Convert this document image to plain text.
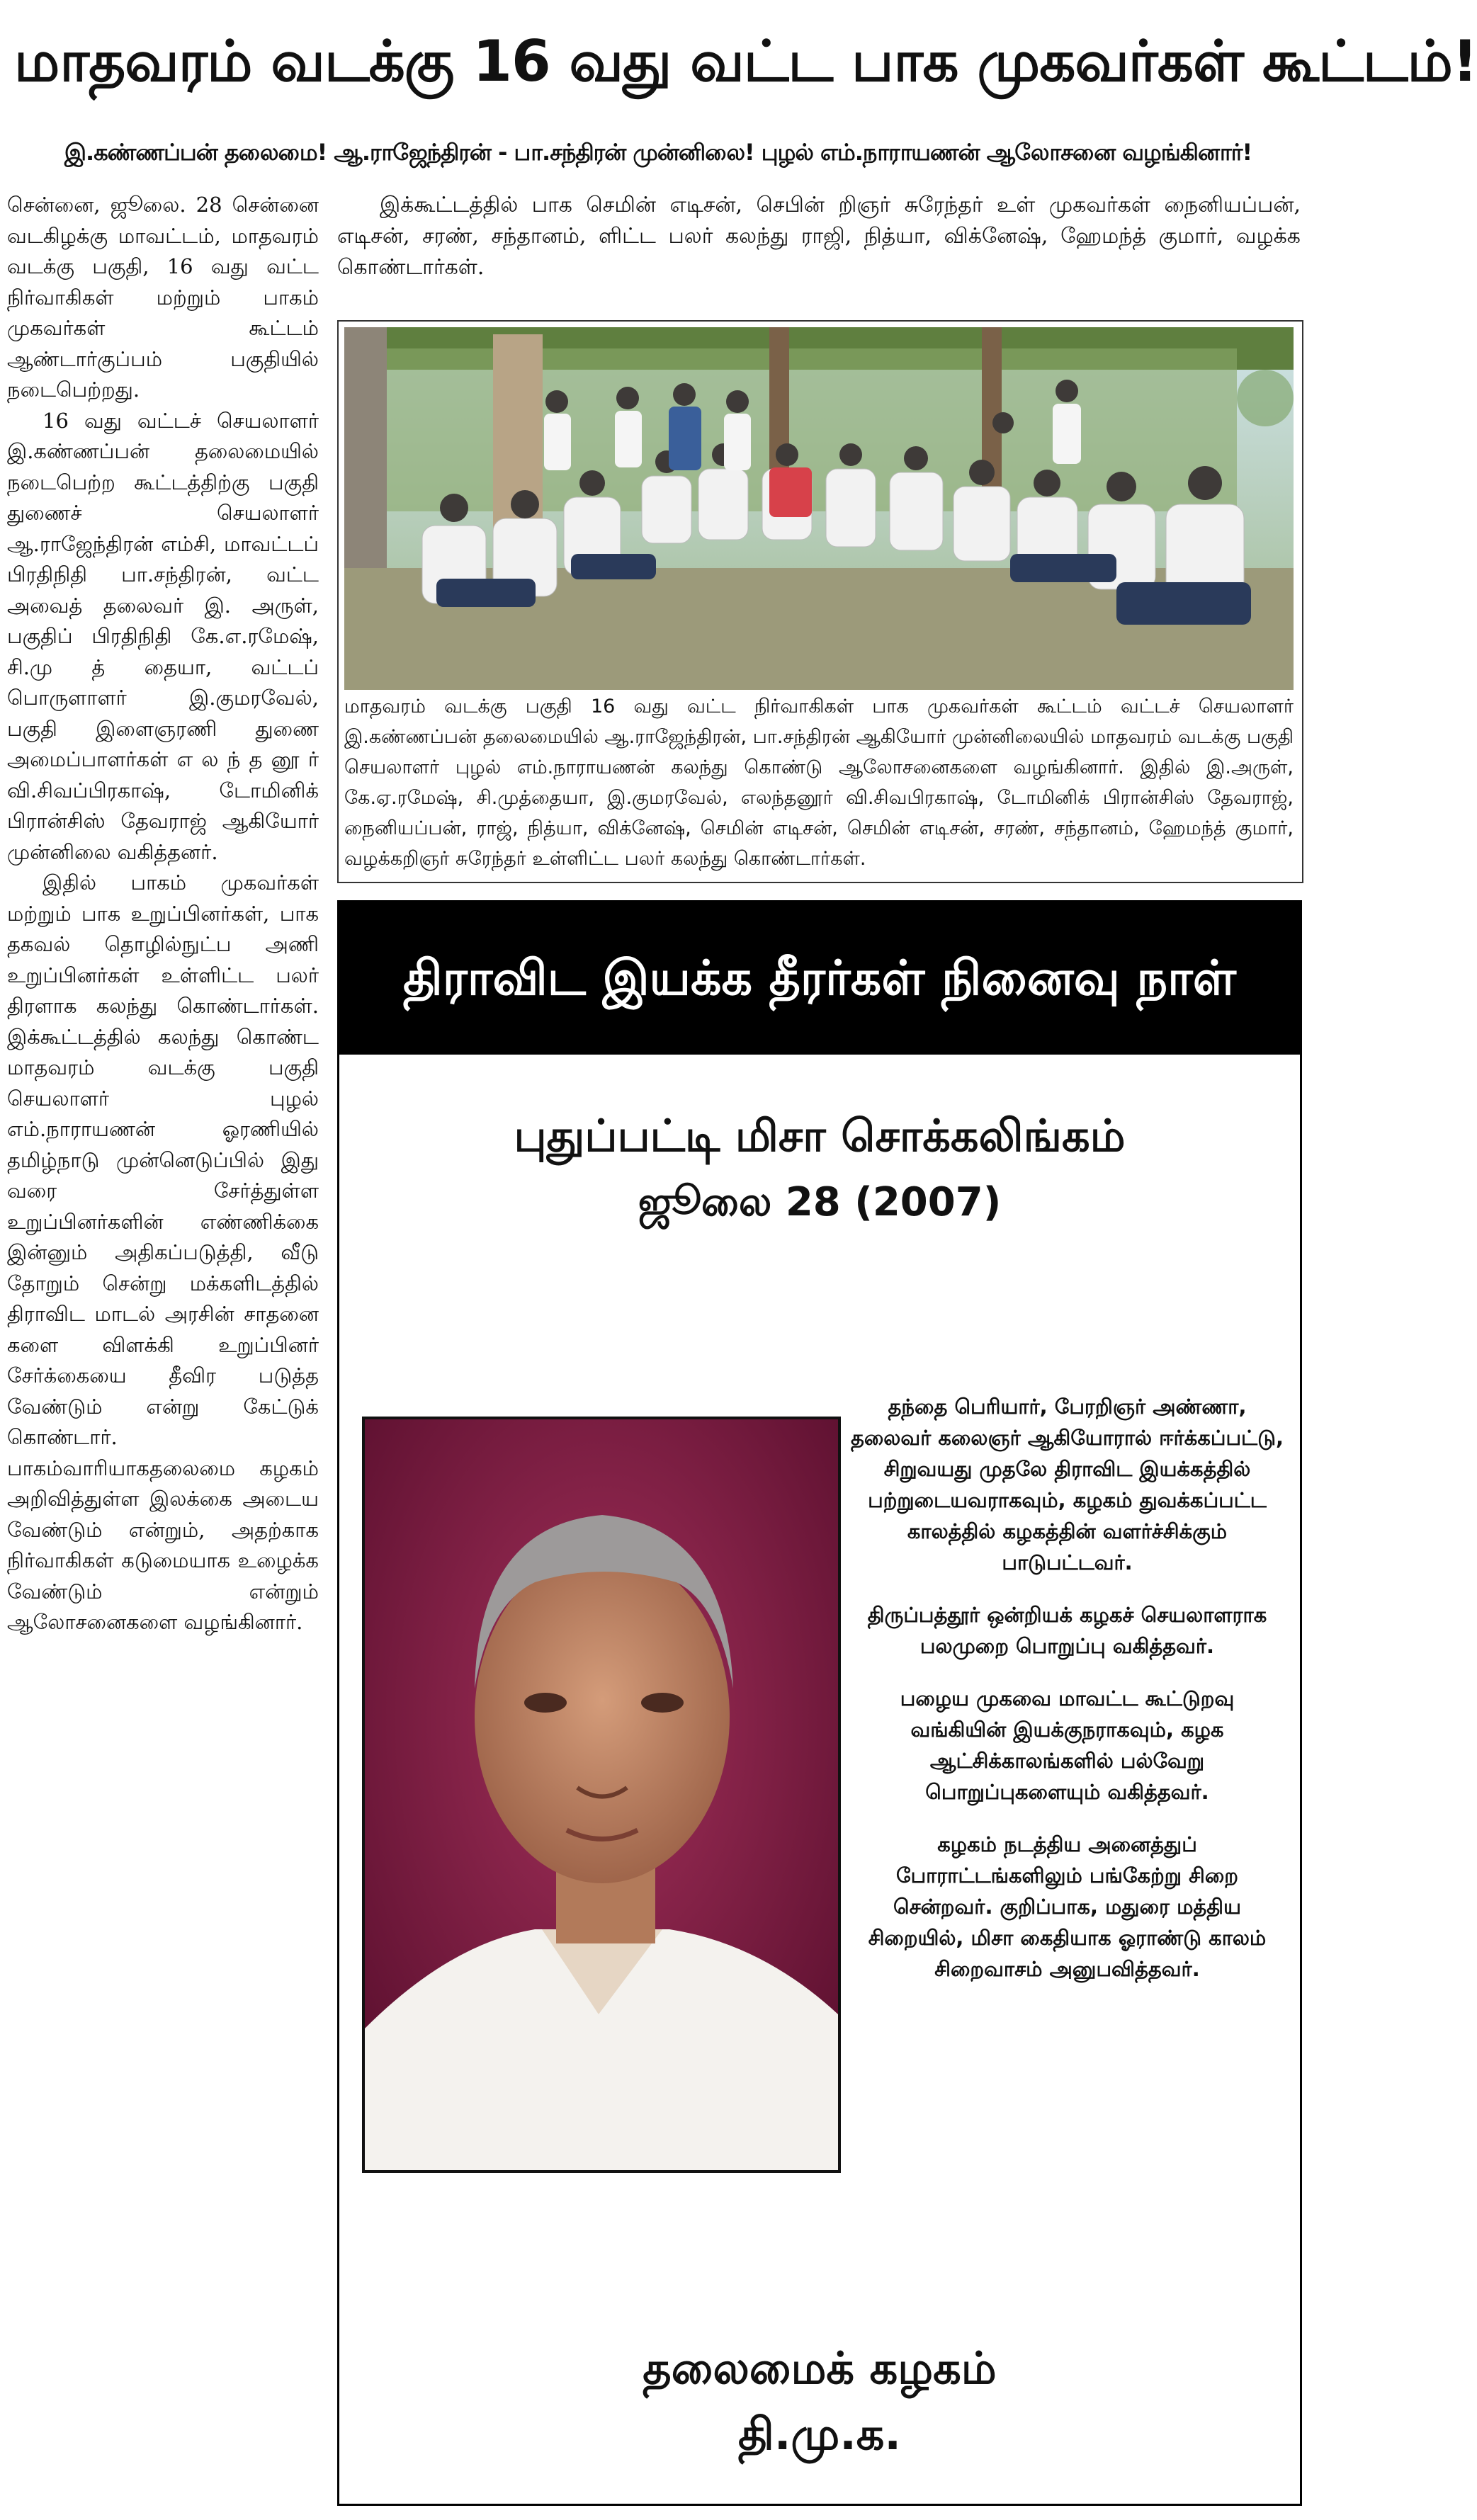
மாதவரம் வடக்கு 16 வது வட்ட பாக முகவர்கள் கூட்டம்!
இ.கண்ணப்பன் தலைமை! ஆ.ராஜேந்திரன் - பா.சந்திரன் முன்னிலை! புழல் எம்.நாராயணன் ஆலோசனை வழங்கினார்!

சென்னை, ஜூலை. 28 சென்னை வடகிழக்கு மாவட்டம், மாதவரம் வடக்கு பகுதி, 16 வது வட்ட நிர்வாகிகள் மற்றும் பாகம் முகவர்கள் கூட்டம் ஆண்டார்குப்பம் பகுதியில் நடைபெற்றது.

16 வது வட்டச் செயலாளர் இ.கண்ணப்பன் தலைமையில் நடைபெற்ற கூட்டத்திற்கு பகுதி துணைச் செயலாளர் ஆ.ராஜேந்திரன் எம்சி, மாவட்டப் பிரதிநிதி பா.சந்திரன், வட்ட அவைத் தலைவர் இ. அருள், பகுதிப் பிரதிநிதி கே.எ.ரமேஷ், சி.மு த் தையா, வட்டப் பொருளாளர் இ.குமரவேல், பகுதி இளைஞரணி துணை அமைப்பாளர்கள் எ ல ந் த னூ ர் வி.சிவப்பிரகாஷ், டோமினிக் பிரான்சிஸ் தேவராஜ் ஆகியோர் முன்னிலை வகித்தனர்.

இதில் பாகம் முகவர்கள் மற்றும் பாக உறுப்பினர்கள், பாக தகவல் தொழில்நுட்ப அணி உறுப்பினர்கள் உள்ளிட்ட பலர் திரளாக கலந்து கொண்டார்கள். இக்கூட்டத்தில் கலந்து கொண்ட மாதவரம் வடக்கு பகுதி செயலாளர் புழல் எம்.நாராயணன் ஓரணியில் தமிழ்நாடு முன்னெடுப்பில் இது வரை சேர்த்துள்ள உறுப்பினர்களின் எண்ணிக்கை இன்னும் அதிகப்படுத்தி, வீடு தோறும் சென்று மக்களிடத்தில் திராவிட மாடல் அரசின் சாதனை களை விளக்கி உறுப்பினர் சேர்க்கையை தீவிர படுத்த வேண்டும் என்று கேட்டுக் கொண்டார். பாகம்வாரியாகதலைமை கழகம் அறிவித்துள்ள இலக்கை அடைய வேண்டும் என்றும், அதற்காக நிர்வாகிகள் கடுமையாக உழைக்க வேண்டும் என்றும் ஆலோசனைகளை வழங்கினார்.

இக்கூட்டத்தில் பாக செமின் எடிசன், செபின் றிஞர் சுரேந்தர் உள் முகவர்கள் நைனியப்பன், எடிசன், சரண், சந்தானம், ளிட்ட பலர் கலந்து ராஜி, நித்யா, விக்னேஷ், ஹேமந்த் குமார், வழக்க கொண்டார்கள்.

மாதவரம் வடக்கு பகுதி 16 வது வட்ட நிர்வாகிகள் பாக முகவர்கள் கூட்டம் வட்டச் செயலாளர் இ.கண்ணப்பன் தலைமையில் ஆ.ராஜேந்திரன், பா.சந்திரன் ஆகியோர் முன்னிலையில் மாதவரம் வடக்கு பகுதி செயலாளர் புழல் எம்.நாராயணன் கலந்து கொண்டு ஆலோசனைகளை வழங்கினார். இதில் இ.அருள், கே.ஏ.ரமேஷ், சி.முத்தையா, இ.குமரவேல், எலந்தனூர் வி.சிவபிரகாஷ், டோமினிக் பிரான்சிஸ் தேவராஜ், நைனியப்பன், ராஜ், நித்யா, விக்னேஷ், செமின் எடிசன், செமின் எடிசன், சரண், சந்தானம், ஹேமந்த் குமார், வழக்கறிஞர் சுரேந்தர் உள்ளிட்ட பலர் கலந்து கொண்டார்கள்.
திராவிட இயக்க தீரர்கள் நினைவு நாள்
புதுப்பட்டி மிசா சொக்கலிங்கம்
ஜூலை 28 (2007)

தந்தை பெரியார், பேரறிஞர் அண்ணா, தலைவர் கலைஞர் ஆகியோரால் ஈர்க்கப்பட்டு, சிறுவயது முதலே திராவிட இயக்கத்தில் பற்றுடையவராகவும், கழகம் துவக்கப்பட்ட காலத்தில் கழகத்தின் வளர்ச்சிக்கும் பாடுபட்டவர்.

திருப்பத்தூர் ஒன்றியக் கழகச் செயலாளராக பலமுறை பொறுப்பு வகித்தவர்.

பழைய முகவை மாவட்ட கூட்டுறவு வங்கியின் இயக்குநராகவும், கழக ஆட்சிக்காலங்களில் பல்வேறு பொறுப்புகளையும் வகித்தவர்.

கழகம் நடத்திய அனைத்துப் போராட்டங்களிலும் பங்கேற்று சிறை சென்றவர். குறிப்பாக, மதுரை மத்திய சிறையில், மிசா கைதியாக ஓராண்டு காலம் சிறைவாசம் அனுபவித்தவர்.

தலைமைக் கழகம்
தி.மு.க.
